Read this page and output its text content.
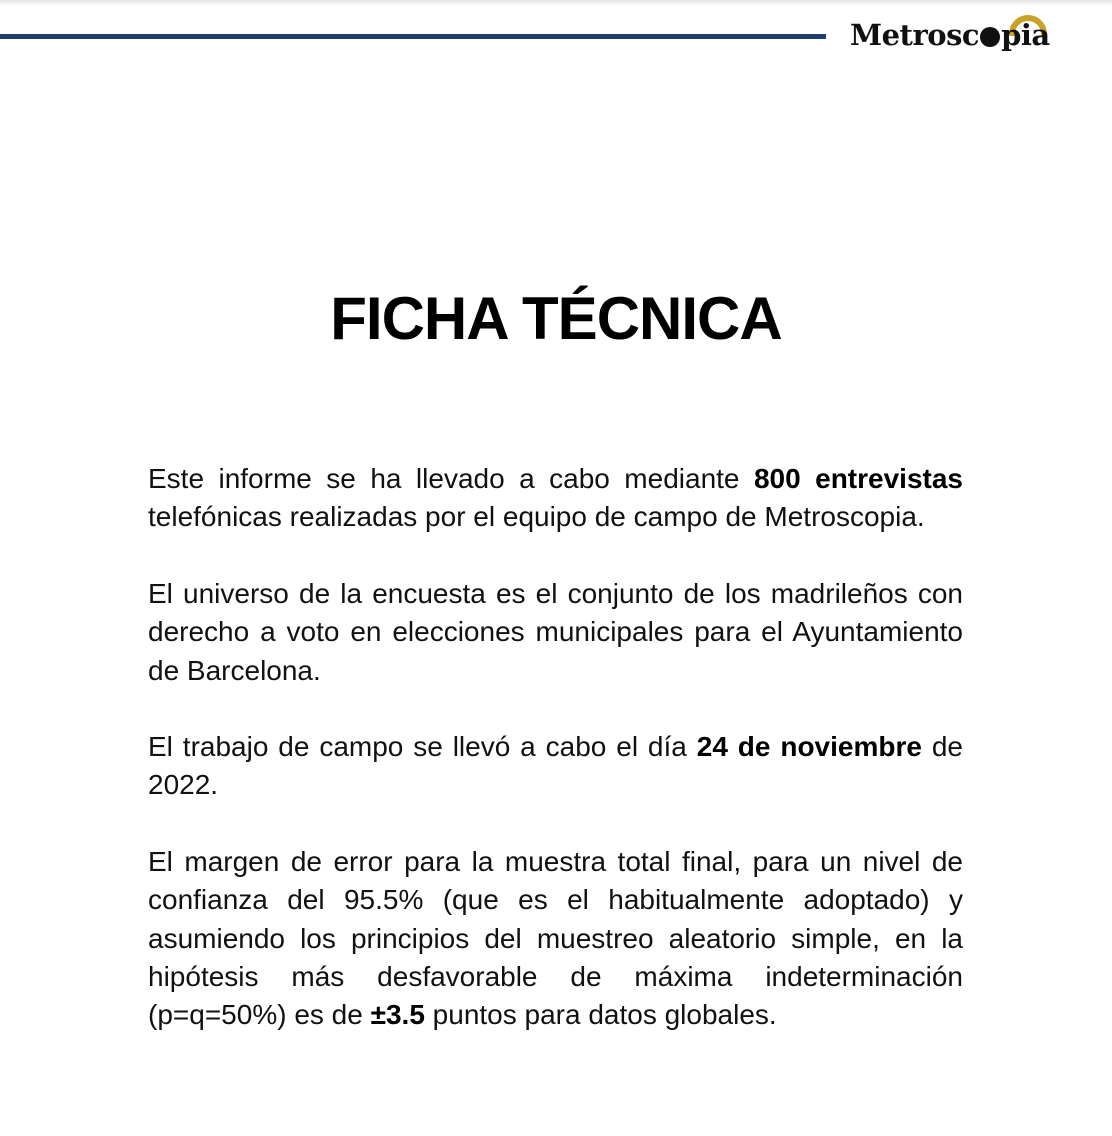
Metrosc pia
FICHA TÉCNICA

Este informe se ha llevado a cabo mediante 800 entrevistas telefónicas realizadas por el equipo de campo de Metroscopia.

El universo de la encuesta es el conjunto de los madrileños con derecho a voto en elecciones municipales para el Ayuntamiento de Barcelona.

El trabajo de campo se llevó a cabo el día 24 de noviembre de 2022.

El margen de error para la muestra total final, para un nivel de confianza del 95.5% (que es el habitualmente adoptado) y asumiendo los principios del muestreo aleatorio simple, en la hipótesis más desfavorable de máxima indeterminación (p=q=50%) es de ±3.5 puntos para datos globales.
